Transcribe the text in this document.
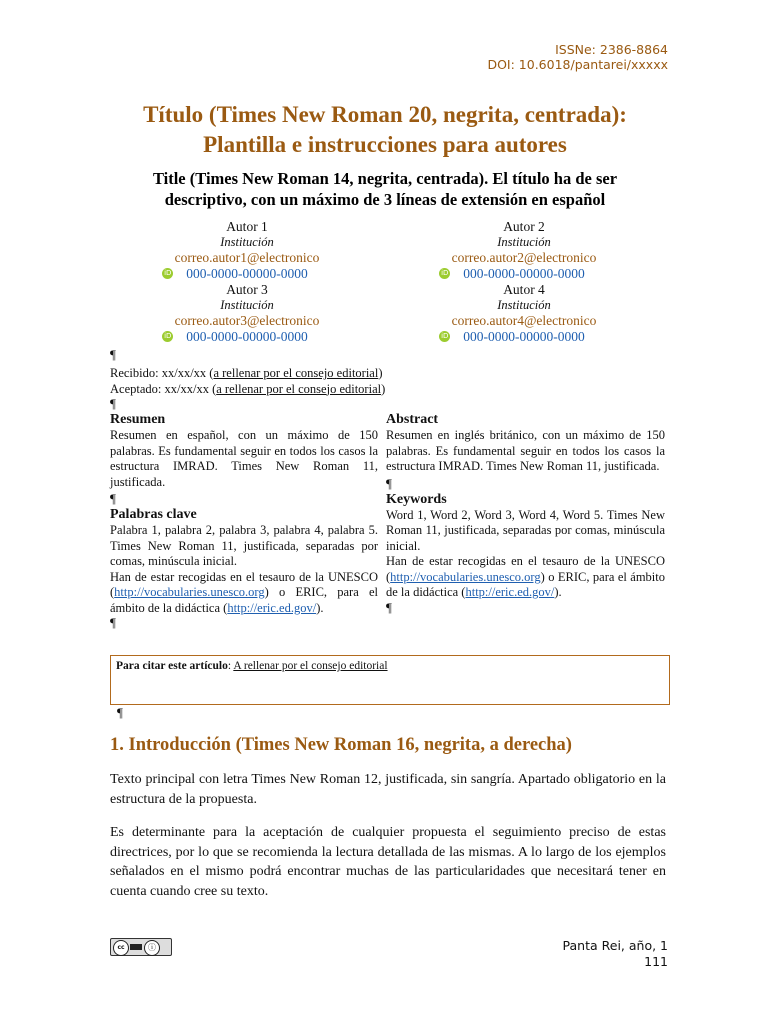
ISSNe: 2386-8864
DOI: 10.6018/pantarei/xxxxx
Título (Times New Roman 20, negrita, centrada):
Plantilla e instrucciones para autores
Title (Times New Roman 14, negrita, centrada). El título ha de ser
descriptivo, con un máximo de 3 líneas de extensión en español
Autor 1
Institución
correo.autor1@electronico
iD 000-0000-00000-0000
Autor 2
Institución
correo.autor2@electronico
iD 000-0000-00000-0000
Autor 3
Institución
correo.autor3@electronico
iD 000-0000-00000-0000
Autor 4
Institución
correo.autor4@electronico
iD 000-0000-00000-0000
¶
Recibido: xx/xx/xx (a rellenar por el consejo editorial)
Aceptado: xx/xx/xx (a rellenar por el consejo editorial)
¶
Resumen

Resumen en español, con un máximo de 150 palabras. Es fundamental seguir en todos los casos la estructura IMRAD. Times New Roman 11, justificada.

¶
Palabras clave

Palabra 1, palabra 2, palabra 3, palabra 4, palabra 5. Times New Roman 11, justificada, separadas por comas, minúscula inicial.

Han de estar recogidas en el tesauro de la UNESCO (http://vocabularies.unesco.org) o ERIC, para el ámbito de la didáctica (http://eric.ed.gov/).

¶
Abstract

Resumen en inglés británico, con un máximo de 150 palabras. Es fundamental seguir en todos los casos la estructura IMRAD. Times New Roman 11, justificada.

¶
Keywords

Word 1, Word 2, Word 3, Word 4, Word 5. Times New Roman 11, justificada, separadas por comas, minúscula inicial.

Han de estar recogidas en el tesauro de la UNESCO (http://vocabularies.unesco.org) o ERIC, para el ámbito de la didáctica (http://eric.ed.gov/).

¶
Para citar este artículo: A rellenar por el consejo editorial
¶
1. Introducción (Times New Roman 16, negrita, a derecha)
Texto principal con letra Times New Roman 12, justificada, sin sangría. Apartado obligatorio en la estructura de la propuesta.
Es determinante para la aceptación de cualquier propuesta el seguimiento preciso de estas directrices, por lo que se recomienda la lectura detallada de las mismas. A lo largo de los ejemplos señalados en el mismo podrá encontrar muchas de las particularidades que necesitará tener en cuenta cuando cree su texto.
cc	ⓘ	Panta Rei, año, 1
111
